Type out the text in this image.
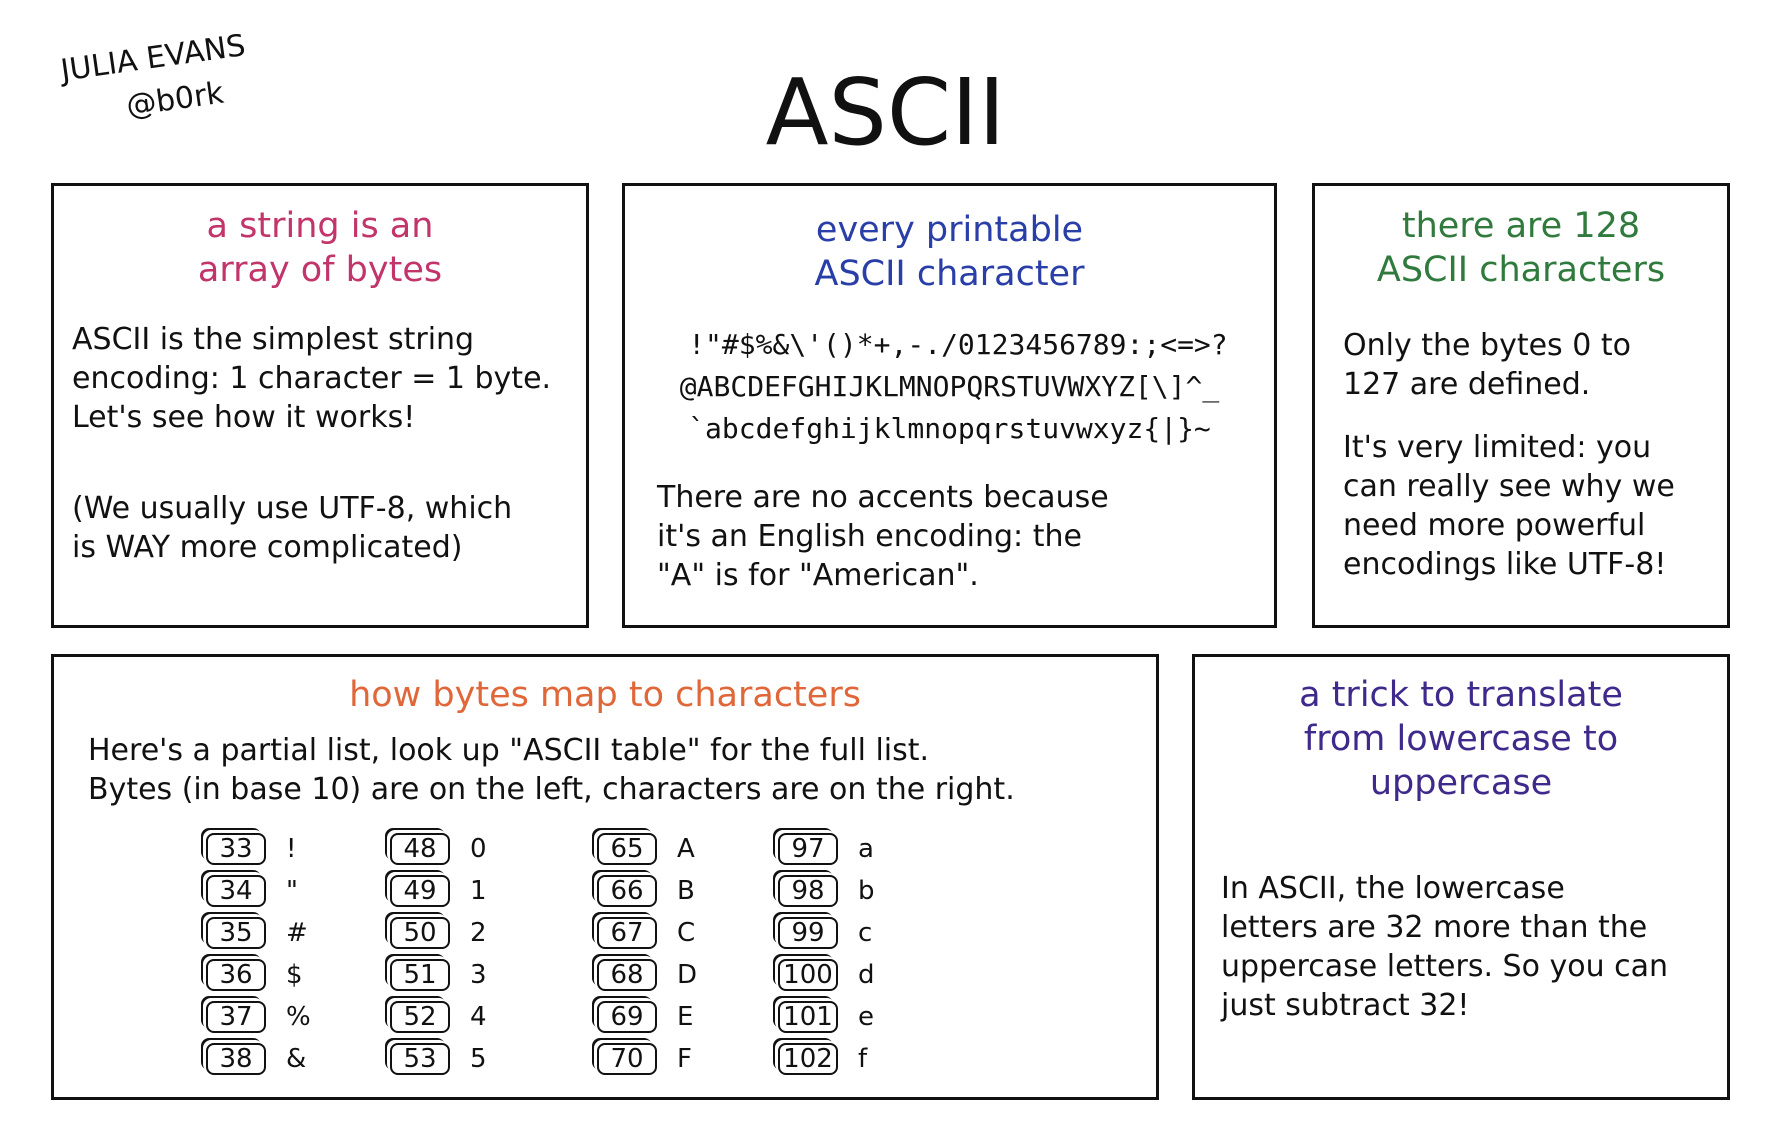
JULIA EVANS
@b0rk	ASCII

a string is an
array of bytes

ASCII is the simplest string
encoding: 1 character = 1 byte.
Let's see how it works!

(We usually use UTF-8, which
is WAY more complicated)

every printable
ASCII character

!"#$%&\'()*+,-./0123456789:;<=>?
@ABCDEFGHIJKLMNOPQRSTUVWXYZ[\]^_
`abcdefghijklmnopqrstuvwxyz{|}~

There are no accents because
it's an English encoding: the
"A" is for "American".

there are 128
ASCII characters

Only the bytes 0 to
127 are defined.

It's very limited: you
can really see why we
need more powerful
encodings like UTF-8!

how bytes map to characters

Here's a partial list, look up "ASCII table" for the full list.
Bytes (in base 10) are on the left, characters are on the right.

33	!
34	"
35	#
36	$
37	%
38	&
48	0
49	1
50	2
51	3
52	4
53	5
65	A
66	B
67	C
68	D
69	E
70	F
97	a
98	b
99	c
100 d
101 e
102 f

a trick to translate
from lowercase to
uppercase

In ASCII, the lowercase
letters are 32 more than the
uppercase letters. So you can
just subtract 32!
